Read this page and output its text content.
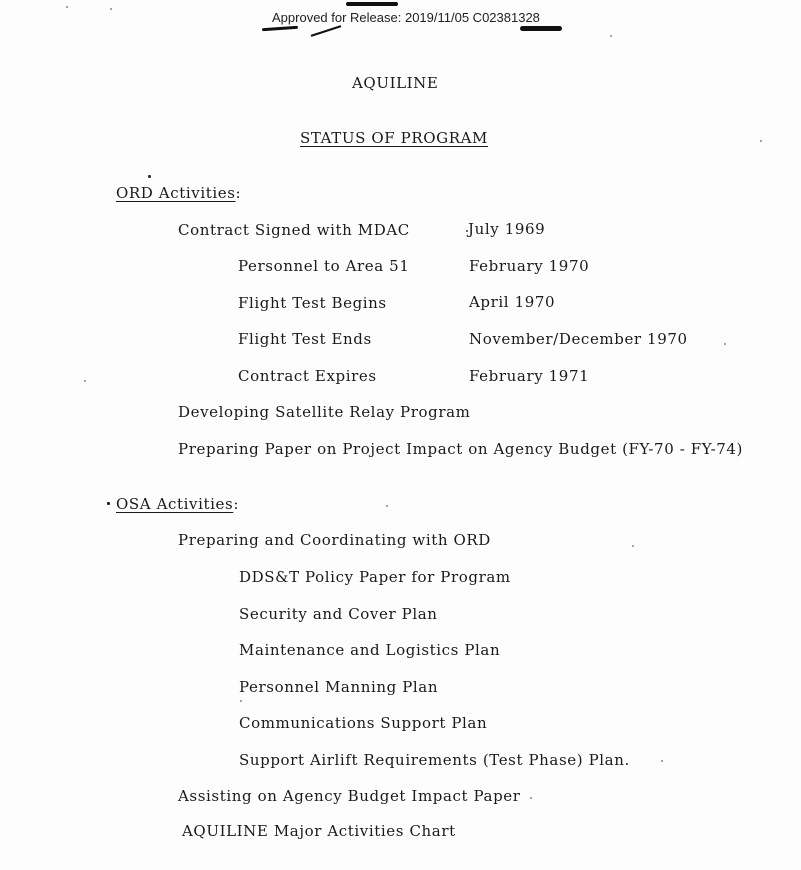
Approved for Release: 2019/11/05 C02381328
AQUILINE
STATUS OF PROGRAM
ORD Activities:
Contract Signed with MDAC	July 1969
Personnel to Area 51	February 1970
Flight Test Begins	April 1970
Flight Test Ends	November/December 1970
Contract Expires	February 1971
Developing Satellite Relay Program
Preparing Paper on Project Impact on Agency Budget (FY-70 - FY-74)
OSA Activities:
Preparing and Coordinating with ORD
DDS&T Policy Paper for Program
Security and Cover Plan
Maintenance and Logistics Plan
Personnel Manning Plan
Communications Support Plan
Support Airlift Requirements (Test Phase) Plan.
Assisting on Agency Budget Impact Paper
AQUILINE Major Activities Chart
